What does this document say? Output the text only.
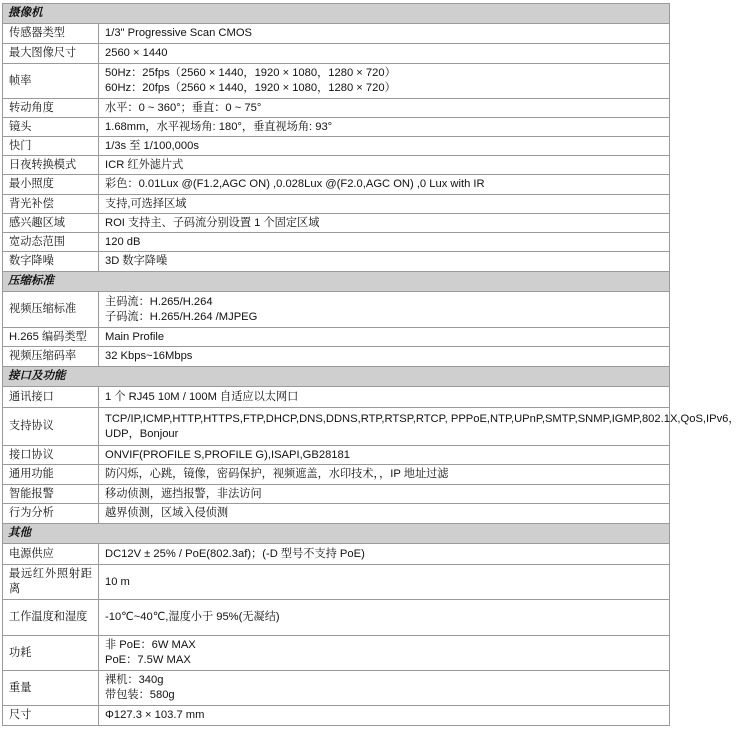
摄像机	
传感器类型	1/3" Progressive Scan CMOS

最大图像尺寸	2560 × 1440

帧率	50Hz：25fps（2560 × 1440，1920 × 1080，1280 × 720）
60Hz：20fps（2560 × 1440，1920 × 1080，1280 × 720）

转动角度	水平：0 ~ 360°；垂直：0 ~ 75°

镜头	1.68mm，水平视场角: 180°，垂直视场角: 93°

快门	1/3s 至 1/100,000s

日夜转换模式	ICR 红外滤片式

最小照度	彩色：0.01Lux @(F1.2,AGC ON) ,0.028Lux @(F2.0,AGC ON) ,0 Lux with IR

背光补偿	支持,可选择区域

感兴趣区域	ROI 支持主、子码流分别设置 1 个固定区域

宽动态范围	120 dB

数字降噪	3D 数字降噪

压缩标准	
视频压缩标准	主码流：H.265/H.264
子码流：H.265/H.264 /MJPEG

H.265 编码类型	Main Profile

视频压缩码率	32 Kbps~16Mbps

接口及功能	
通讯接口	1 个 RJ45 10M / 100M 自适应以太网口

支持协议	TCP/IP,ICMP,HTTP,HTTPS,FTP,DHCP,DNS,DDNS,RTP,RTSP,RTCP, PPPoE,NTP,UPnP,SMTP,SNMP,IGMP,802.1X,QoS,IPv6，
UDP，Bonjour

接口协议	ONVIF(PROFILE S,PROFILE G),ISAPI,GB28181

通用功能	防闪烁，心跳，镜像，密码保护，视频遮盖，水印技术，，IP 地址过滤

智能报警	移动侦测，遮挡报警，非法访问

行为分析	越界侦测，区域入侵侦测

其他	
电源供应	DC12V ± 25% / PoE(802.3af)；(-D 型号不支持 PoE)

最远红外照射距离	10 m

工作温度和湿度	-10℃~40℃,湿度小于 95%(无凝结)

功耗	非 PoE：6W MAX
PoE：7.5W MAX

重量	裸机：340g
带包装：580g

尺寸	Φ127.3 × 103.7 mm
